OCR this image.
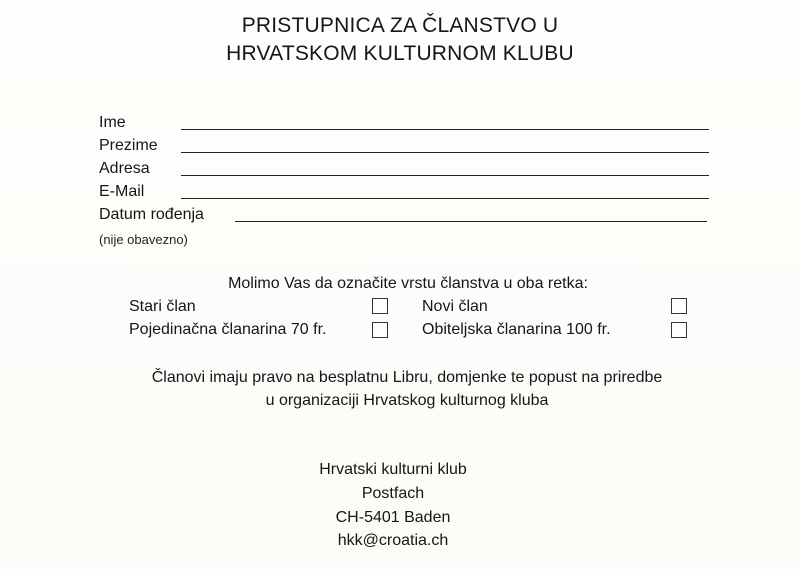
PRISTUPNICA ZA ČLANSTVO U
HRVATSKOM KULTURNOM KLUBU
Ime
Prezime
Adresa
E-Mail
Datum rođenja
(nije obavezno)
Molimo Vas da označite vrstu članstva u oba retka:
Stari član	Novi član
Pojedinačna članarina 70 fr.	Obiteljska članarina 100 fr.
Članovi imaju pravo na besplatnu Libru, domjenke te popust na priredbe
u organizaciji Hrvatskog kulturnog kluba
Hrvatski kulturni klub
Postfach
CH-5401 Baden
hkk@croatia.ch
